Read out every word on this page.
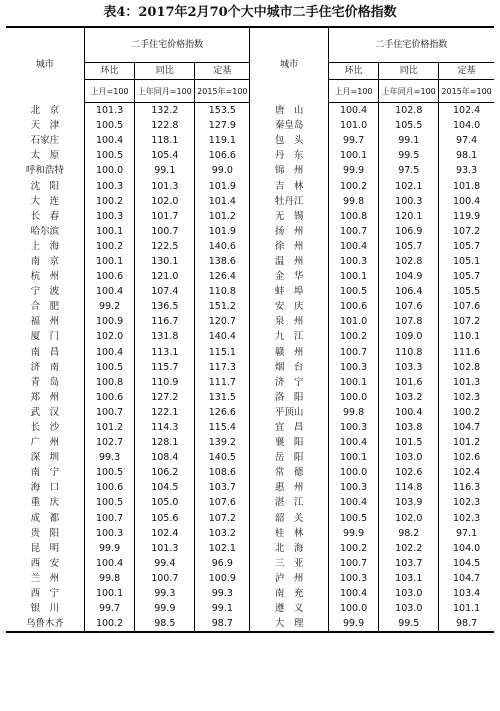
表4：2017年2月70个大中城市二手住宅价格指数
城市	二手住宅价格指数			城市	二手住宅价格指数		
	环比	同比	定基		环比	同比	定基
	上月=100	上年同月=100	2015年=100		上月=100	上年同月=100	2015年=100
北　京	101.3	132.2	153.5	唐　山	100.4	102.8	102.4
天　津	100.5	122.8	127.9	秦皇岛	101.0	105.5	104.0
石家庄	100.4	118.1	119.1	包　头	99.7	99.1	97.4
太　原	100.5	105.4	106.6	丹　东	100.1	99.5	98.1
呼和浩特	100.0	99.1	99.0	锦　州	99.9	97.5	93.3
沈　阳	100.3	101.3	101.9	吉　林	100.2	102.1	101.8
大　连	100.2	102.0	101.4	牡丹江	99.8	100.3	100.4
长　春	100.3	101.7	101.2	无　锡	100.8	120.1	119.9
哈尔滨	100.1	100.7	101.9	扬　州	100.7	106.9	107.2
上　海	100.2	122.5	140.6	徐　州	100.4	105.7	105.7
南　京	100.1	130.1	138.6	温　州	100.3	102.8	105.1
杭　州	100.6	121.0	126.4	金　华	100.1	104.9	105.7
宁　波	100.4	107.4	110.8	蚌　埠	100.5	106.4	105.5
合　肥	99.2	136.5	151.2	安　庆	100.6	107.6	107.6
福　州	100.9	116.7	120.7	泉　州	101.0	107.8	107.2
厦　门	102.0	131.8	140.4	九　江	100.2	109.0	110.1
南　昌	100.4	113.1	115.1	赣　州	100.7	110.8	111.6
济　南	100.5	115.7	117.3	烟　台	100.3	103.3	102.8
青　岛	100.8	110.9	111.7	济　宁	100.1	101.6	101.3
郑　州	100.6	127.2	131.5	洛　阳	100.0	103.2	102.3
武　汉	100.7	122.1	126.6	平顶山	99.8	100.4	100.2
长　沙	101.2	114.3	115.4	宜　昌	100.3	103.8	104.7
广　州	102.7	128.1	139.2	襄　阳	100.4	101.5	101.2
深　圳	99.3	108.4	140.5	岳　阳	100.1	103.0	102.6
南　宁	100.5	106.2	108.6	常　德	100.0	102.6	102.4
海　口	100.6	104.5	103.7	惠　州	100.3	114.8	116.3
重　庆	100.5	105.0	107.6	湛　江	100.4	103.9	102.3
成　都	100.7	105.6	107.2	韶　关	100.5	102.0	102.3
贵　阳	100.3	102.4	103.2	桂　林	99.9	98.2	97.1
昆　明	99.9	101.3	102.1	北　海	100.2	102.2	104.0
西　安	100.4	99.4	96.9	三　亚	100.7	103.7	104.5
兰　州	99.8	100.7	100.9	泸　州	100.3	103.1	104.7
西　宁	100.1	99.3	99.3	南　充	100.4	103.0	103.4
银　川	99.7	99.9	99.1	遵　义	100.0	103.0	101.1
乌鲁木齐	100.2	98.5	98.7	大　理	99.9	99.5	98.7
